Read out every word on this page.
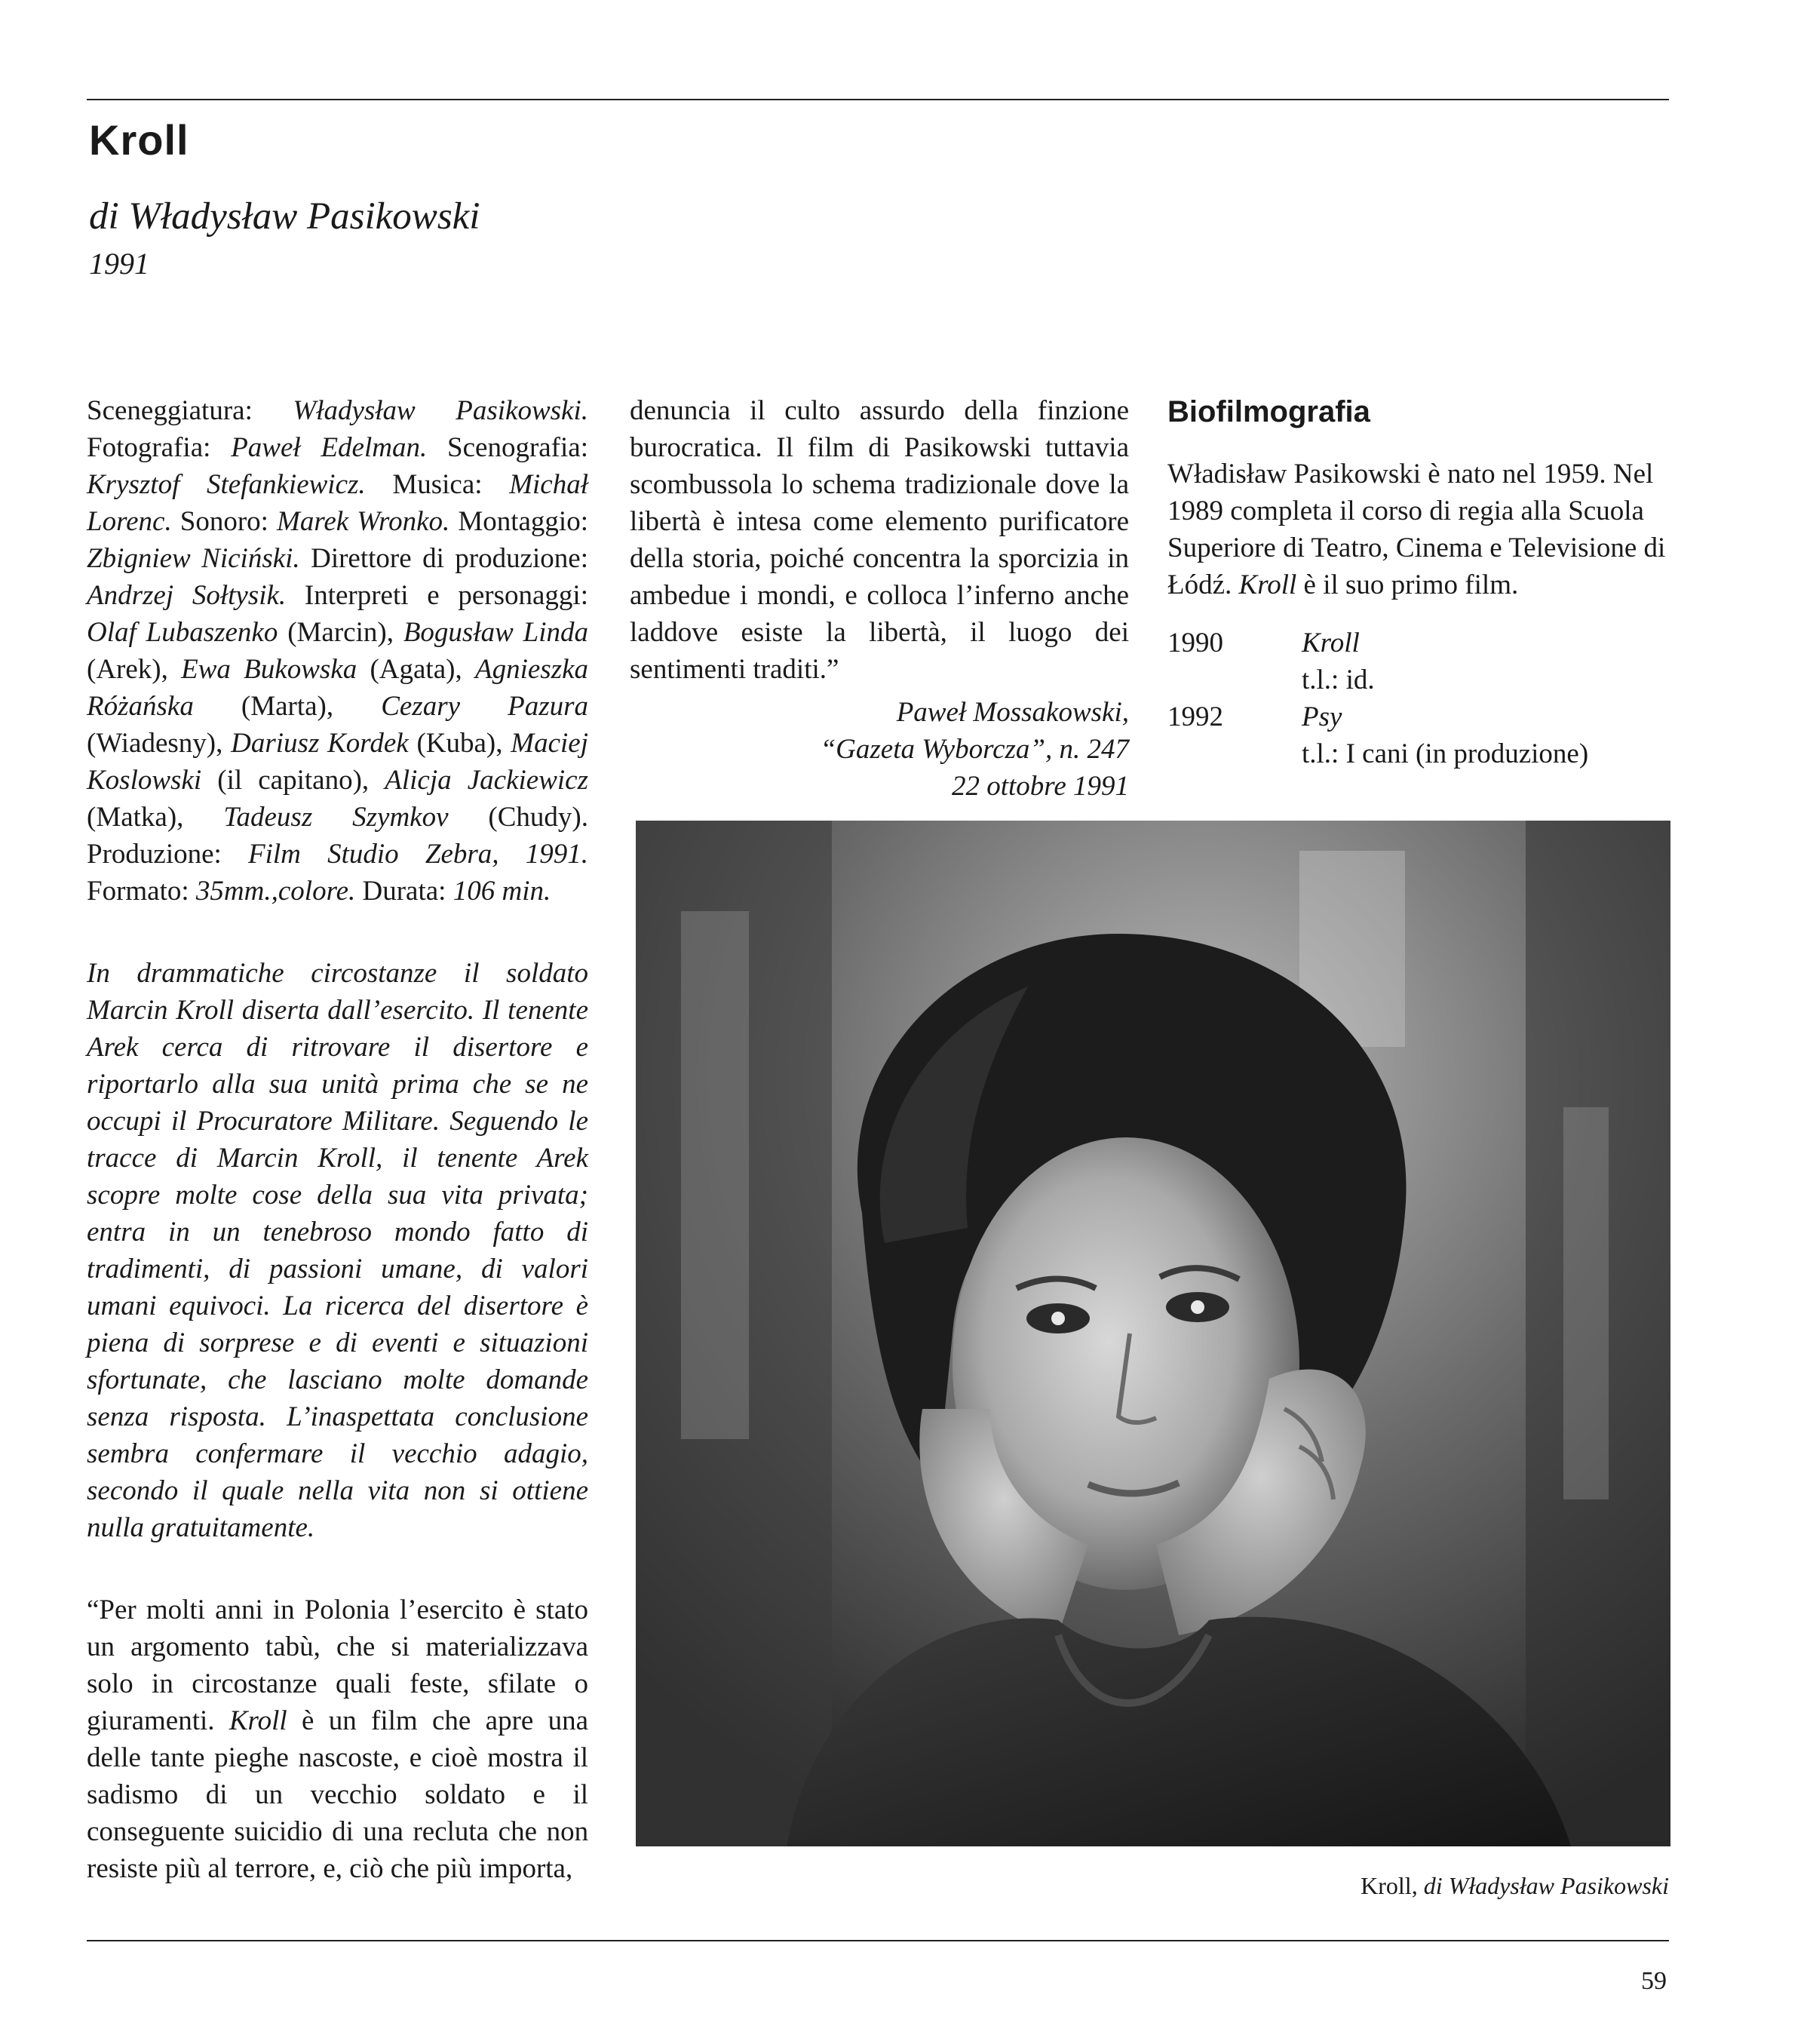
Kroll
di Władysław Pasikowski
1991

Sceneggiatura: Władysław Pasikowski. Fotografia: Paweł Edelman. Scenografia: Krysztof Stefankiewicz. Musica: Michał Lorenc. Sonoro: Marek Wronko. Montaggio: Zbigniew Niciński. Direttore di produzione: Andrzej Sołtysik. Interpreti e personaggi: Olaf Lubaszenko (Marcin), Bogusław Linda (Arek), Ewa Bukowska (Agata), Agnieszka Różańska (Marta), Cezary Pazura (Wiadesny), Dariusz Kordek (Kuba), Maciej Koslowski (il capitano), Alicja Jackiewicz (Matka), Tadeusz Szymkov (Chudy). Produzione: Film Studio Zebra, 1991. Formato: 35mm.,colore. Durata: 106 min.

In drammatiche circostanze il soldato Marcin Kroll diserta dall’esercito. Il tenente Arek cerca di ritrovare il disertore e riportarlo alla sua unità prima che se ne occupi il Procuratore Militare. Seguendo le tracce di Marcin Kroll, il tenente Arek scopre molte cose della sua vita privata; entra in un tenebroso mondo fatto di tradimenti, di passioni umane, di valori umani equivoci. La ricerca del disertore è piena di sorprese e di eventi e situazioni sfortunate, che lasciano molte domande senza risposta. L’inaspettata conclusione sembra confermare il vecchio adagio, secondo il quale nella vita non si ottiene nulla gratuitamente.

“Per molti anni in Polonia l’esercito è stato un argomento tabù, che si materializzava solo in circostanze quali feste, sfilate o giuramenti. Kroll è un film che apre una delle tante pieghe nascoste, e cioè mostra il sadismo di un vecchio soldato e il conseguente suicidio di una recluta che non resiste più al terrore, e, ciò che più importa,

denuncia il culto assurdo della finzione burocratica. Il film di Pasikowski tuttavia scombussola lo schema tradizionale dove la libertà è intesa come elemento purificatore della storia, poiché concentra la sporcizia in ambedue i mondi, e colloca l’inferno anche laddove esiste la libertà, il luogo dei sentimenti traditi.”

Paweł Mossakowski,
“Gazeta Wyborcza”, n. 247
22 ottobre 1991
Biofilmografia

Władisław Pasikowski è nato nel 1959. Nel 1989 completa il corso di regia alla Scuola Superiore di Teatro, Cinema e Televisione di Łódź. Kroll è il suo primo film.

1990	Kroll
t.l.: id.
1992	Psy
t.l.: I cani (in produzione)
Kroll, di Władysław Pasikowski
59
